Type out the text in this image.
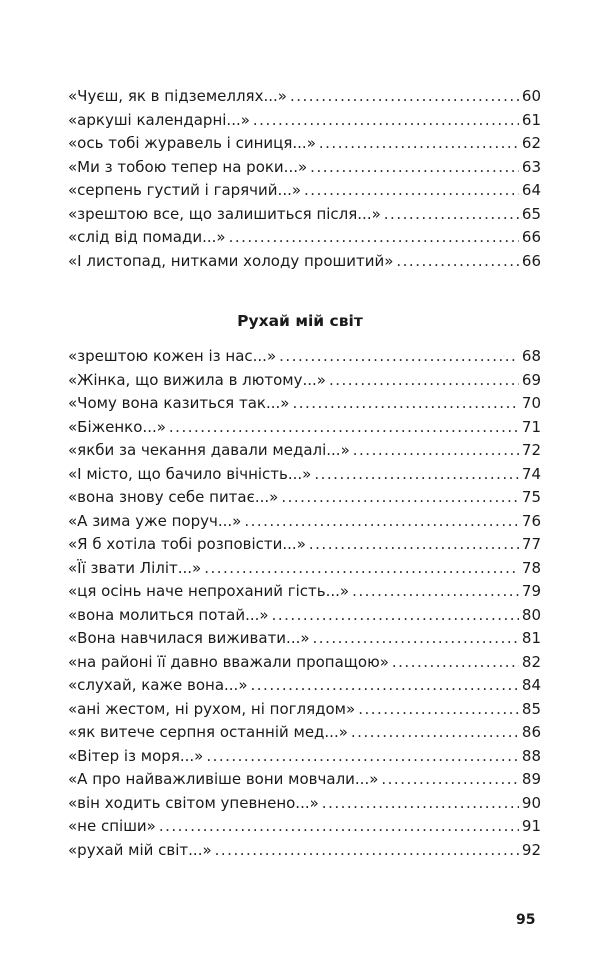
«Чуєш, як в підземеллях...» .....	60
«аркуші календарні...» .....	61
«ось тобі журавель і синиця...» .....	62
«Ми з тобою тепер на роки...» .....	63
«серпень густий і гарячий...» .....	64
«зрештою все, що залишиться після...» .....	65
«слід від помади...» .....	66
«І листопад, нитками холоду прошитий» .....	66
Рухай мій світ
«зрештою кожен із нас...» .....	68
«Жінка, що вижила в лютому...» .....	69
«Чому вона казиться так...» .....	70
«Біженко...» .....	71
«якби за чекання давали медалі...» .....	72
«І місто, що бачило вічність...» .....	74
«вона знову себе питає...» .....	75
«А зима уже поруч...» .....	76
«Я б хотіла тобі розповісти...» .....	77
«Її звати Ліліт...» .....	78
«ця осінь наче непроханий гість...» .....	79
«вона молиться потай...» .....	80
«Вона навчилася виживати...» .....	81
«на районі її давно вважали пропащою» .....	82
«слухай, каже вона...» .....	84
«ані жестом, ні рухом, ні поглядом» .....	85
«як витече серпня останній мед...» .....	86
«Вітер із моря...» .....	88
«А про найважливіше вони мовчали...» .....	89
«він ходить світом упевнено...» .....	90
«не спіши» .....	91
«рухай мій світ...» .....	92
95
